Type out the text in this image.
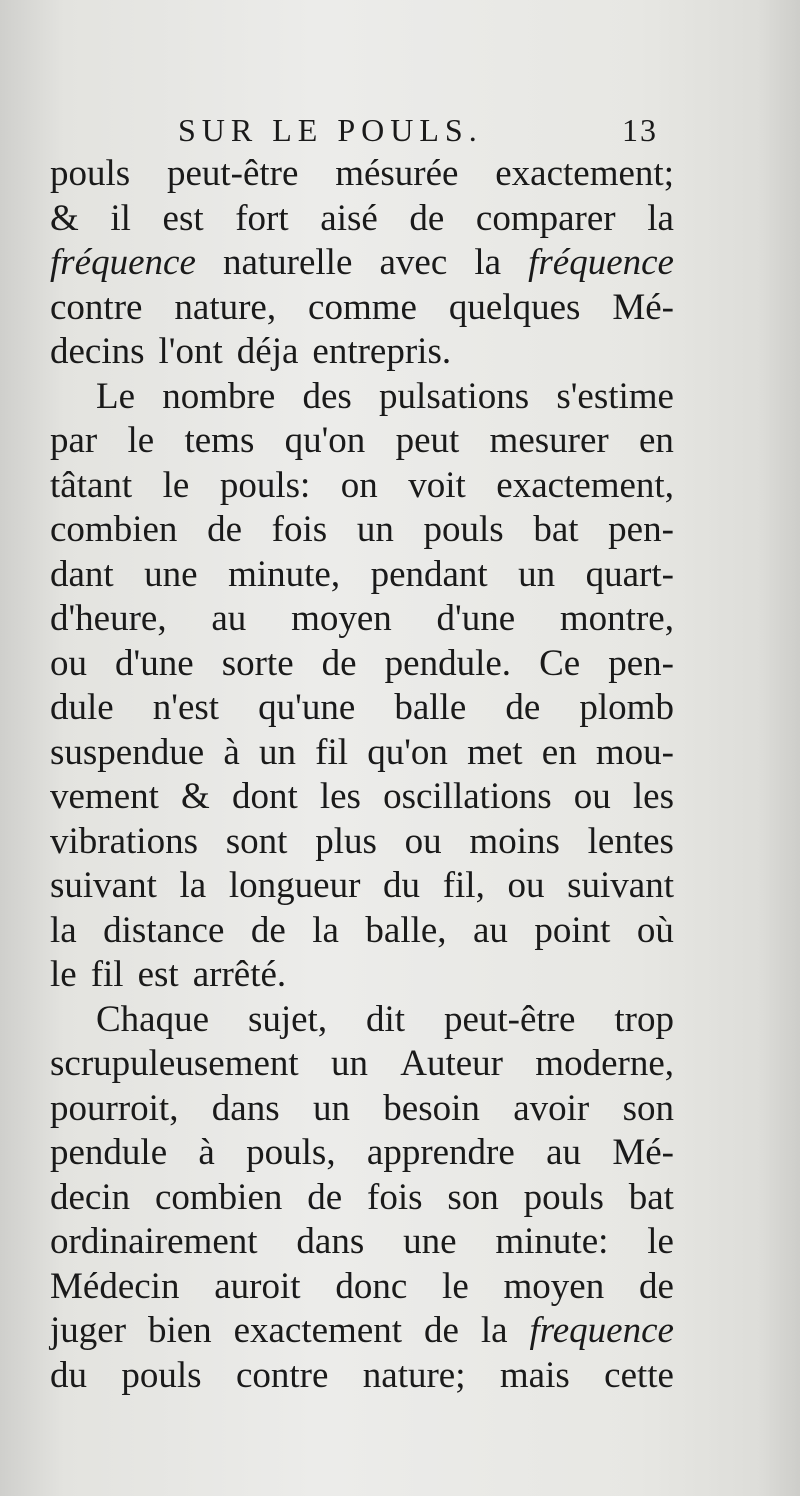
SUR LE POULS.	13
pouls peut-être mésurée exactement;
& il est fort aisé de comparer la
fréquence naturelle avec la fréquence
contre nature, comme quelques Mé-
decins l'ont déja entrepris.
Le nombre des pulsations s'estime
par le tems qu'on peut mesurer en
tâtant le pouls: on voit exactement,
combien de fois un pouls bat pen-
dant une minute, pendant un quart-
d'heure, au moyen d'une montre,
ou d'une sorte de pendule. Ce pen-
dule n'est qu'une balle de plomb
suspendue à un fil qu'on met en mou-
vement & dont les oscillations ou les
vibrations sont plus ou moins lentes
suivant la longueur du fil, ou suivant
la distance de la balle, au point où
le fil est arrêté.
Chaque sujet, dit peut-être trop
scrupuleusement un Auteur moderne,
pourroit, dans un besoin avoir son
pendule à pouls, apprendre au Mé-
decin combien de fois son pouls bat
ordinairement dans une minute: le
Médecin auroit donc le moyen de
juger bien exactement de la frequence
du pouls contre nature; mais cette
